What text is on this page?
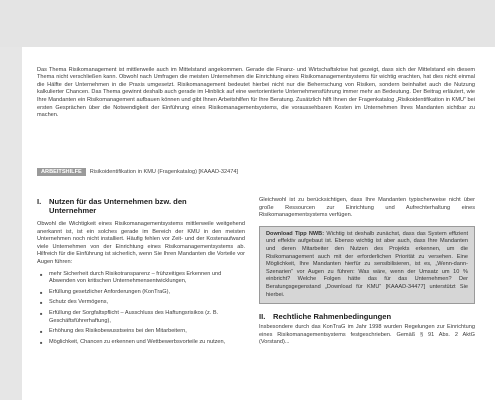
Das Thema Risikomanagement ist mittlerweile auch im Mittelstand angekommen. Gerade die Finanz- und Wirtschaftskrise hat gezeigt, dass sich der Mittelstand ein diesem Thema nicht verschließen kann. Obwohl nach Umfragen die meisten Unternehmen die Einrichtung eines Risikomanagementsystems für wichtig erachten, hat dies nicht einmal die Hälfte der Unternehmen in die Praxis umgesetzt. Risikomanagement bedeutet hierbei nicht nur die Beherrschung von Risiken, sondern beinhaltet auch die Nutzung kalkulierter Chancen. Das Thema gewinnt deshalb auch gerade im Hinblick auf eine wertorientierte Unternehmensführung immer mehr an Bedeutung. Der Beitrag erläutert, wie Ihre Mandanten ein Risikomanagement aufbauen können und gibt Ihnen Arbeitshilfen für Ihre Beratung. Zusätzlich hilft Ihnen der Fragenkatalog „Risikoidentifikation in KMU“ bei ersten Gesprächen über die Notwendigkeit der Einführung eines Risikomanagementsystems, die voraussehbaren Kosten im Unternehmen Ihres Mandanten sichtbar zu machen.

ARBEITSHILFE Risikoidentifikation in KMU (Fragenkatalog) [KAAAD-32474]
I. Nutzen für das Unternehmen bzw. den
Unternehmer

Obwohl die Wichtigkeit eines Risikomanagementsystems mittlerweile weitgehend anerkannt ist, ist ein solches gerade im Bereich der KMU in den meisten Unternehmen noch nicht installiert. Häufig fehlen vor Zeit- und der Kostenaufwand viele Unternehmen von der Einrichtung eines Risikomanagementsystems ab. Hilfreich für die Einführung ist sicherlich, wenn Sie Ihren Mandanten die Vorteile vor Augen führen:

■ mehr Sicherheit durch Risikotransparenz – frühzeitiges Erkennen und Abwenden von kritischen Unternehmensentwicklungen,
■ Erfüllung gesetzlicher Anforderungen (KonTraG),
■ Schutz des Vermögens,
■ Erfüllung der Sorgfaltspflicht – Ausschluss des Haftungsrisikos (z. B. Geschäftsführerhaftung),
■ Erhöhung des Risikobewusstseins bei den Mitarbeitern,
■ Möglichkeit, Chancen zu erkennen und Wettbewerbsvorteile zu nutzen,

Gleichwohl ist zu berücksichtigen, dass Ihre Mandanten typischerweise nicht über große Ressourcen zur Einrichtung und Aufrechterhaltung eines Risikomanagementsystems verfügen.

Download Tipp NWB: Wichtig ist deshalb zunächst, dass das System effizient und effektiv aufgebaut ist. Ebenso wichtig ist aber auch, dass Ihre Mandanten und deren Mitarbeiter den Nutzen des Projekts erkennen, um die Risikomanagement auch mit der erforderlichen Priorität zu versehen. Eine Möglichkeit, Ihre Mandanten hierfür zu sensibilisieren, ist es, „Wenn-dann-Szenarien“ vor Augen zu führen: Was wäre, wenn der Umsatz um 10 % einbricht? Welche Folgen hätte das für das Unternehmen? Der Beratungsgegenstand „Download für KMU“ [KAAAD-34477] unterstützt Sie hierbei.
II. Rechtliche Rahmenbedingungen

Insbesondere durch das KonTraG im Jahr 1998 wurden Regelungen zur Einrichtung eines Risikomanagementsystems festgeschrieben. Gemäß § 91 Abs. 2 AktG (Vorstand)...
